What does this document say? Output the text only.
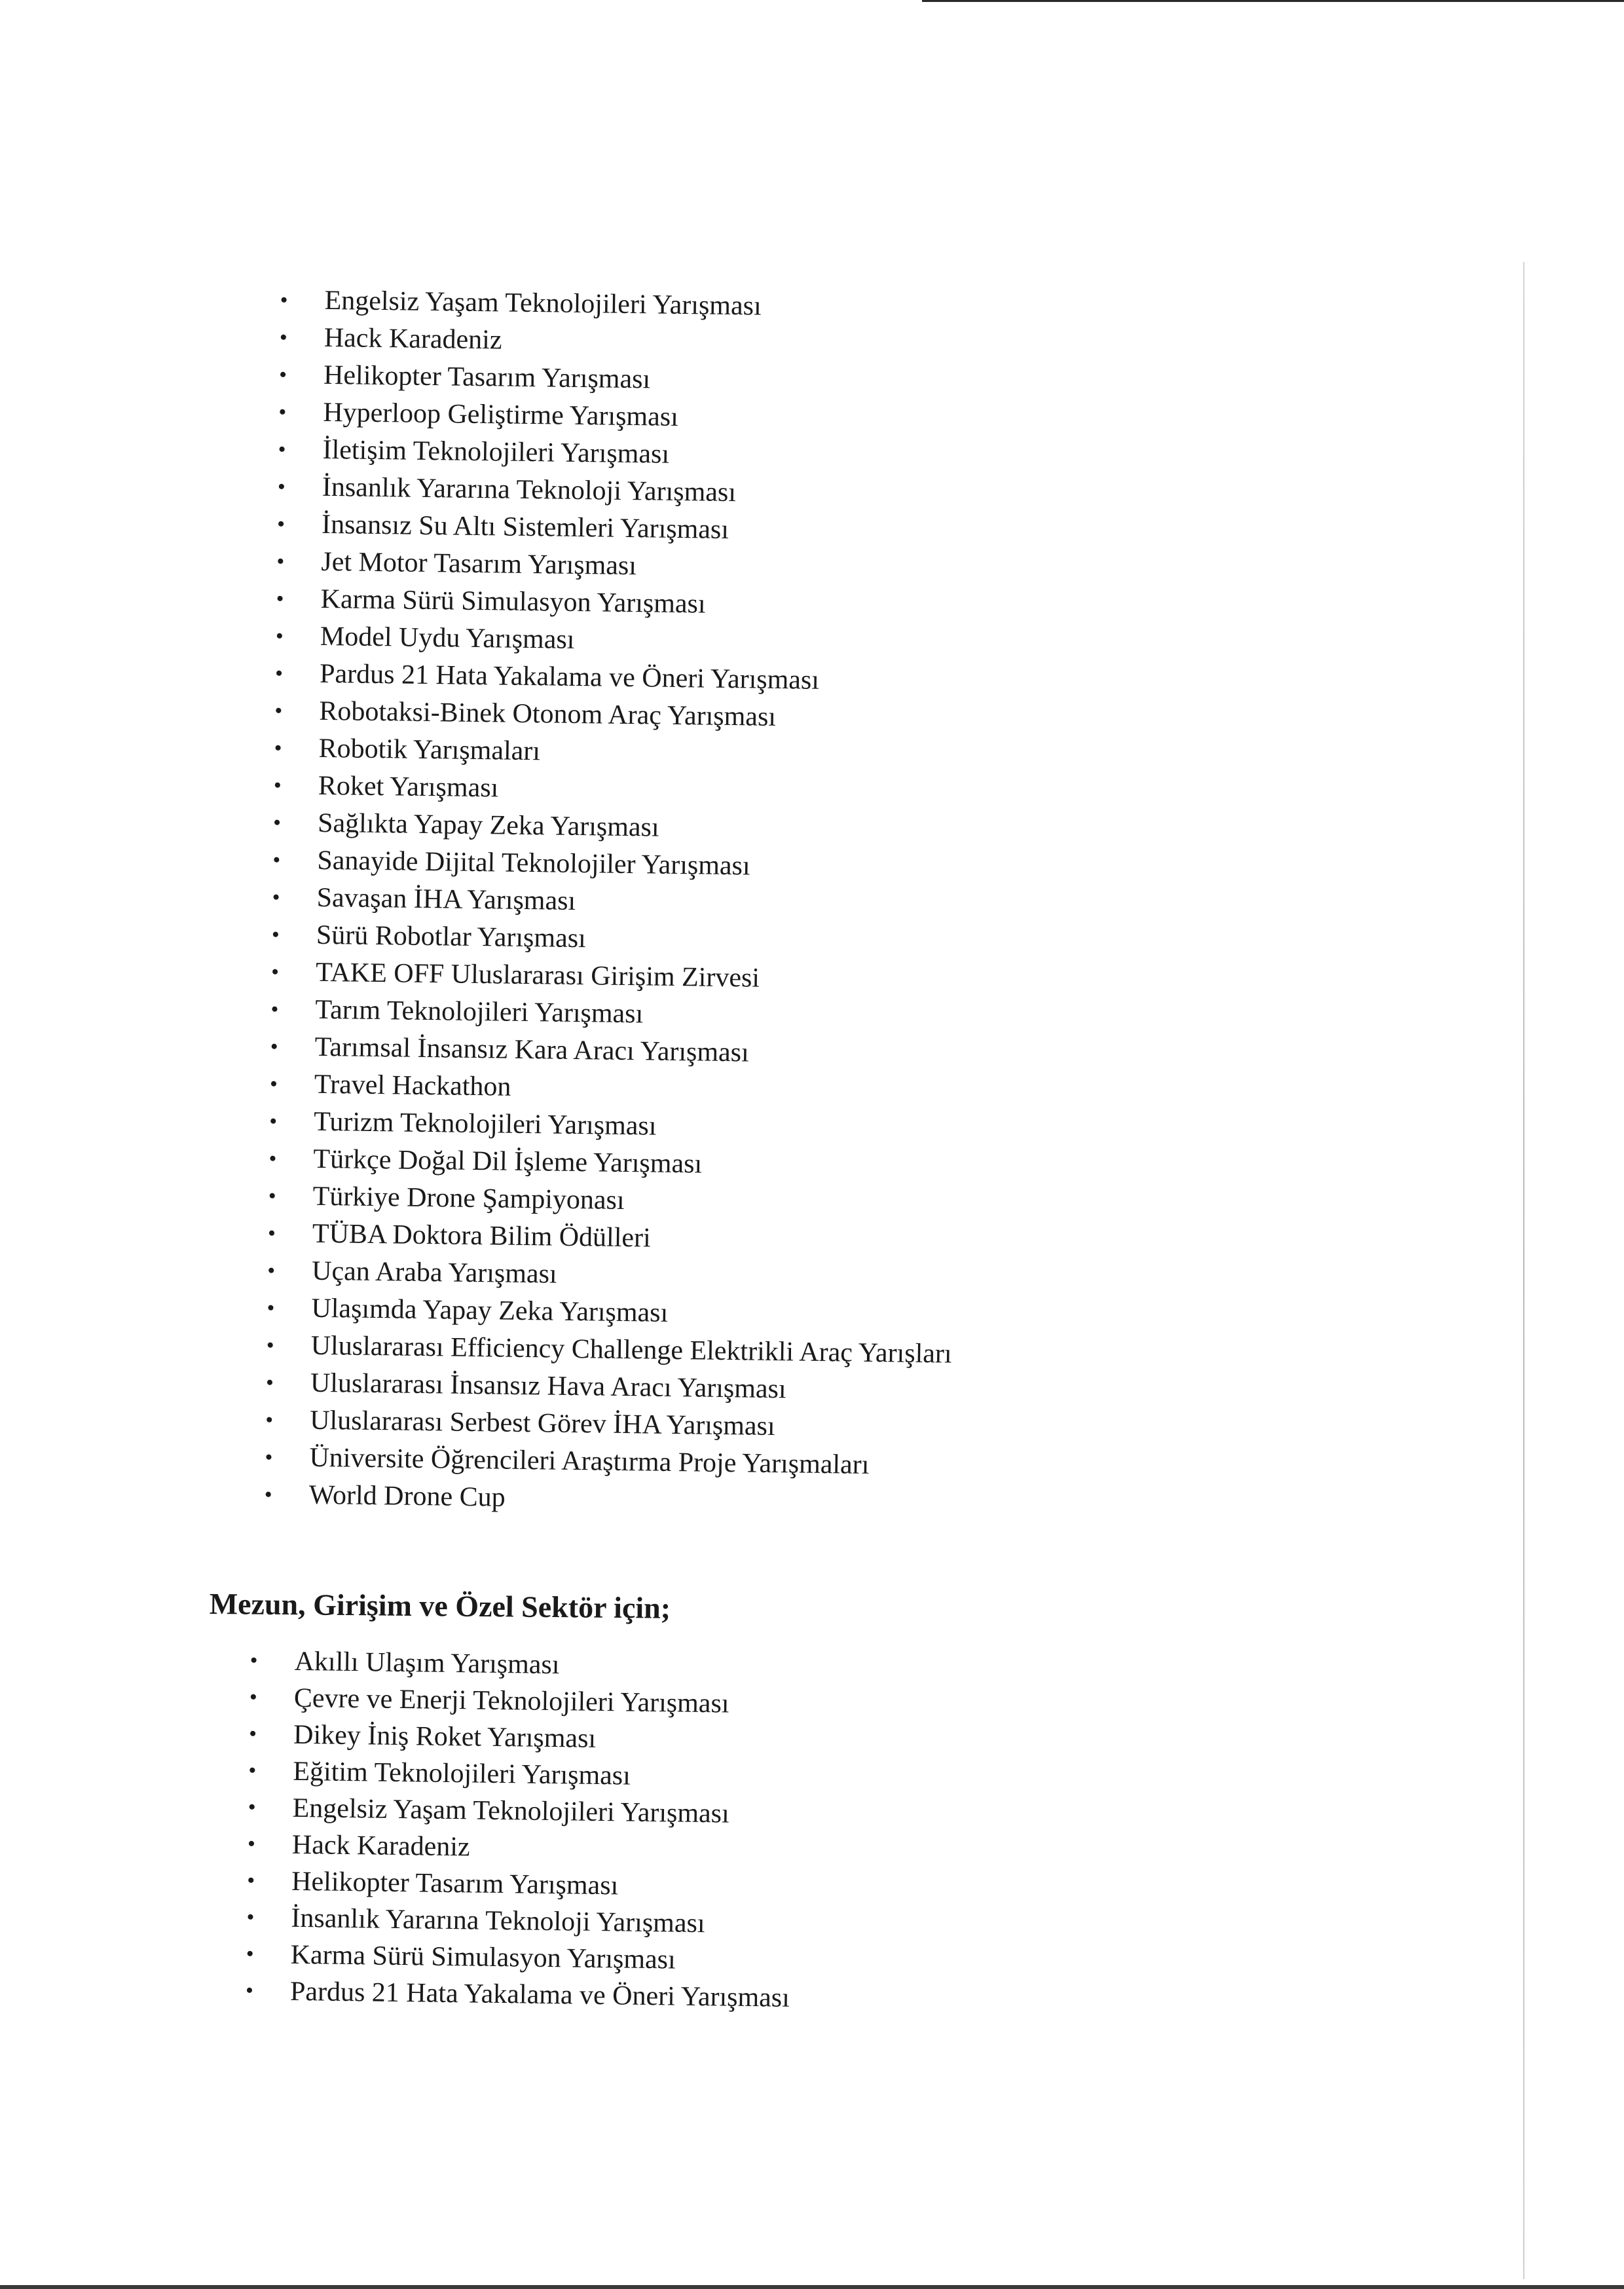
• Engelsiz Yaşam Teknolojileri Yarışması
• Hack Karadeniz
• Helikopter Tasarım Yarışması
• Hyperloop Geliştirme Yarışması
• İletişim Teknolojileri Yarışması
• İnsanlık Yararına Teknoloji Yarışması
• İnsansız Su Altı Sistemleri Yarışması
• Jet Motor Tasarım Yarışması
• Karma Sürü Simulasyon Yarışması
• Model Uydu Yarışması
• Pardus 21 Hata Yakalama ve Öneri Yarışması
• Robotaksi-Binek Otonom Araç Yarışması
• Robotik Yarışmaları
• Roket Yarışması
• Sağlıkta Yapay Zeka Yarışması
• Sanayide Dijital Teknolojiler Yarışması
• Savaşan İHA Yarışması
• Sürü Robotlar Yarışması
• TAKE OFF Uluslararası Girişim Zirvesi
• Tarım Teknolojileri Yarışması
• Tarımsal İnsansız Kara Aracı Yarışması
• Travel Hackathon
• Turizm Teknolojileri Yarışması
• Türkçe Doğal Dil İşleme Yarışması
• Türkiye Drone Şampiyonası
• TÜBA Doktora Bilim Ödülleri
• Uçan Araba Yarışması
• Ulaşımda Yapay Zeka Yarışması
• Uluslararası Efficiency Challenge Elektrikli Araç Yarışları
• Uluslararası İnsansız Hava Aracı Yarışması
• Uluslararası Serbest Görev İHA Yarışması
• Üniversite Öğrencileri Araştırma Proje Yarışmaları
• World Drone Cup
Mezun, Girişim ve Özel Sektör için;
• Akıllı Ulaşım Yarışması
• Çevre ve Enerji Teknolojileri Yarışması
• Dikey İniş Roket Yarışması
• Eğitim Teknolojileri Yarışması
• Engelsiz Yaşam Teknolojileri Yarışması
• Hack Karadeniz
• Helikopter Tasarım Yarışması
• İnsanlık Yararına Teknoloji Yarışması
• Karma Sürü Simulasyon Yarışması
• Pardus 21 Hata Yakalama ve Öneri Yarışması
